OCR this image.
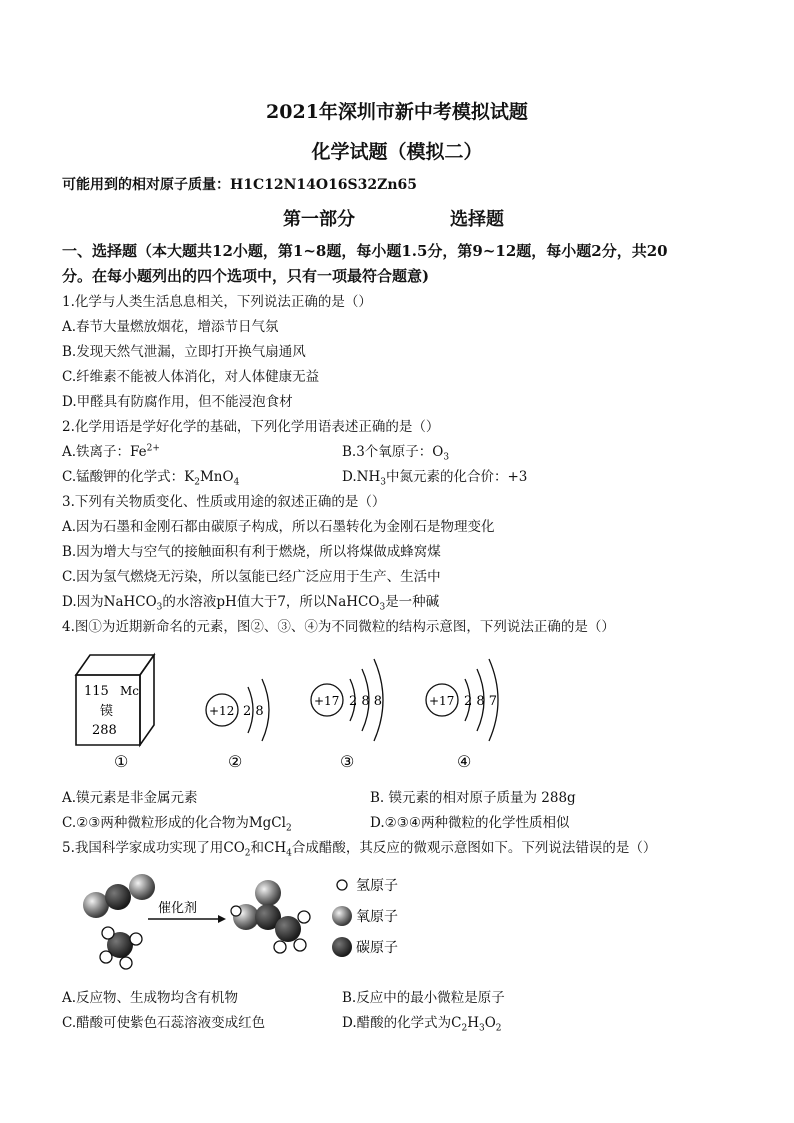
2021年深圳市新中考模拟试题
化学试题（模拟二）
可能用到的相对原子质量：H1C12N14O16S32Zn65
第一部分	选择题
一、选择题（本大题共12小题，第1~8题，每小题1.5分，第9~12题，每小题2分，共20
分。在每小题列出的四个选项中，只有一项最符合题意)
1.化学与人类生活息息相关，下列说法正确的是（）
A.春节大量燃放烟花，增添节日气氛
B.发现天然气泄漏，立即打开换气扇通风
C.纤维素不能被人体消化，对人体健康无益
D.甲醛具有防腐作用，但不能浸泡食材
2.化学用语是学好化学的基础，下列化学用语表述正确的是（）
A.铁离子：$Fe^{2+}$	B.3个氧原子：$O_3$
C.锰酸钾的化学式：$K_2MnO_4$	$D.NH_3$中氮元素的化合价：+3
3.下列有关物质变化、性质或用途的叙述正确的是（）
A.因为石墨和金刚石都由碳原子构成，所以石墨转化为金刚石是物理变化
B.因为增大与空气的接触面积有利于燃烧，所以将煤做成蜂窝煤
C.因为氢气燃烧无污染，所以氢能已经广泛应用于生产、生活中
D.因为NaHCO$_3$的水溶液pH值大于7，所以NaHCO$_3$是一种碱
4.图①为近期新命名的元素，图②、③、④为不同微粒的结构示意图，下列说法正确的是（）
115 Mc
镆
288
+12 2 8
+17 2 8 8	+17 2 8 7
①	②	③	④
A.镆元素是非金属元素	B. 镆元素的相对原子质量为 288g
C.②③两种微粒形成的化合物为MgCl$_2$	D.②③④两种微粒的化学性质相似
5.我国科学家成功实现了用$CO_2$和$CH_4$合成醋酸，其反应的微观示意图如下。下列说法错误的是（）
催化剂
氢原子
氧原子
碳原子
A.反应物、生成物均含有机物	B.反应中的最小微粒是原子
C.醋酸可使紫色石蕊溶液变成红色	D.醋酸的化学式为$C_2H_3O_2$
